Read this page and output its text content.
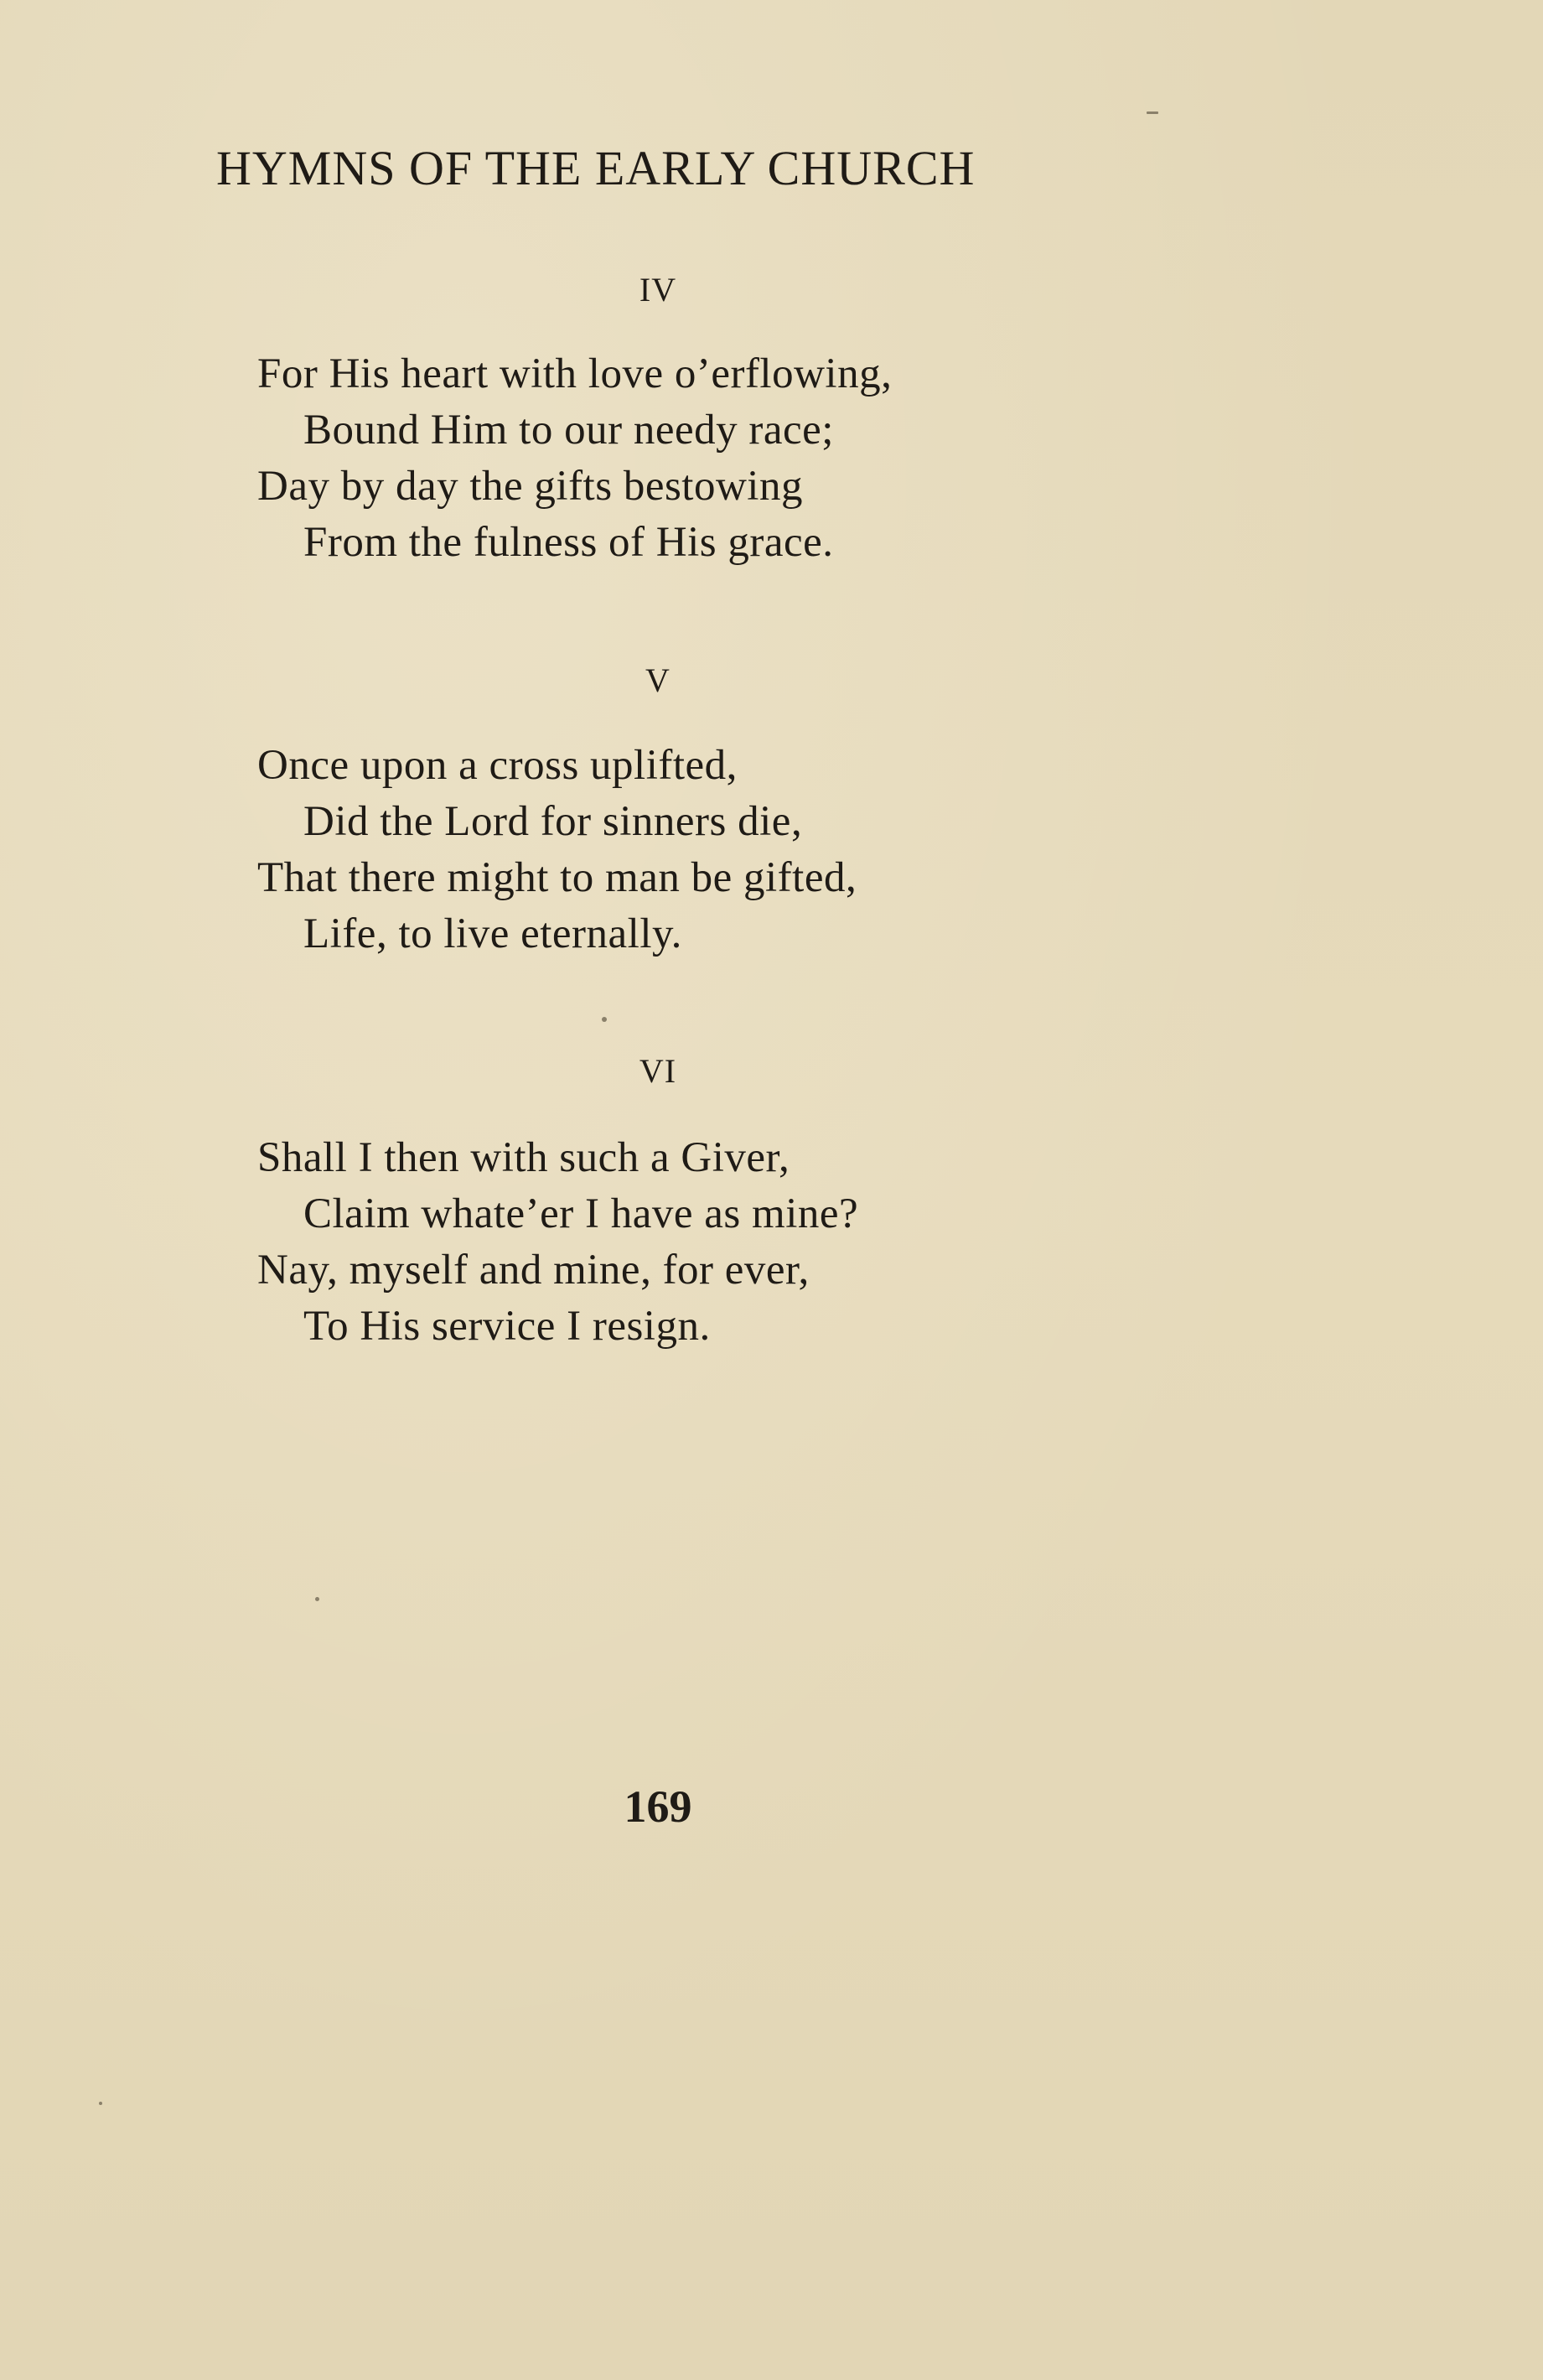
HYMNS OF THE EARLY CHURCH
IV
For His heart with love o’erflowing,
Bound Him to our needy race;
Day by day the gifts bestowing
From the fulness of His grace.
V
Once upon a cross uplifted,
Did the Lord for sinners die,
That there might to man be gifted,
Life, to live eternally.
VI
Shall I then with such a Giver,
Claim whate’er I have as mine?
Nay, myself and mine, for ever,
To His service I resign.
169
